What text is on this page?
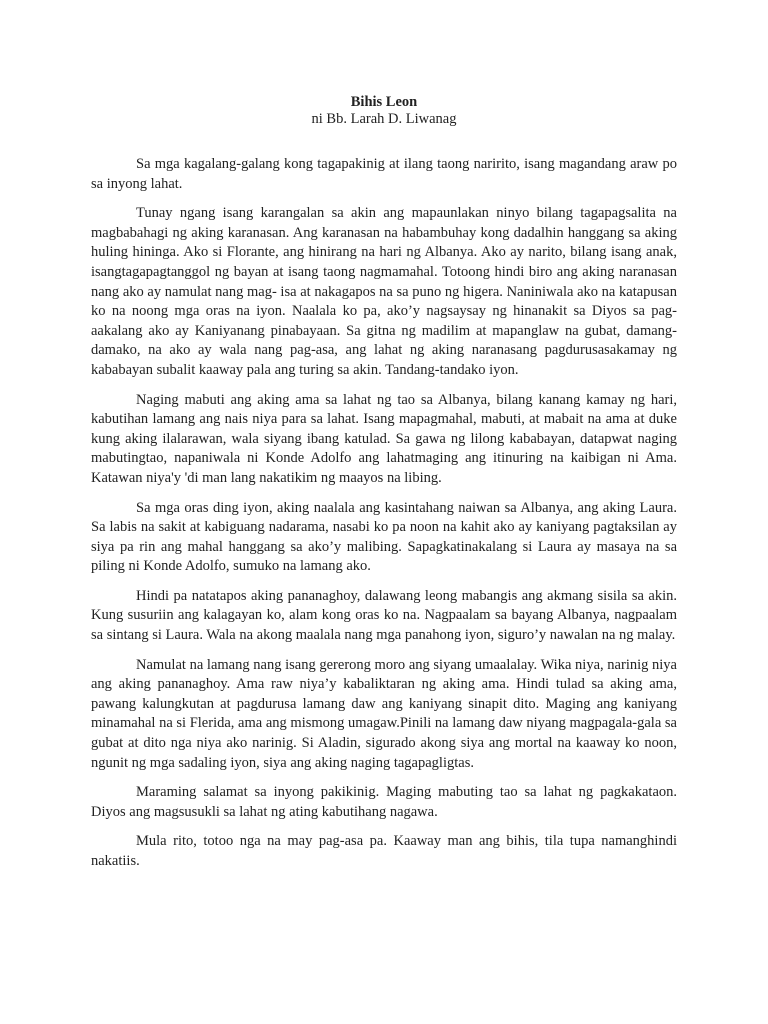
Bihis Leon

ni Bb. Larah D. Liwanag

Sa mga kagalang-galang kong tagapakinig at ilang taong naririto, isang magandang araw po sa inyong lahat.

Tunay ngang isang karangalan sa akin ang mapaunlakan ninyo bilang tagapagsalita na magbabahagi ng aking karanasan. Ang karanasan na habambuhay kong dadalhin hanggang sa aking huling hininga. Ako si Florante, ang hinirang na hari ng Albanya. Ako ay narito, bilang isang anak, isangtagapagtanggol ng bayan at isang taong nagmamahal. Totoong hindi biro ang aking naranasan nang ako ay namulat nang mag- isa at nakagapos na sa puno ng higera. Naniniwala ako na katapusan ko na noong mga oras na iyon. Naalala ko pa, ako’y nagsaysay ng hinanakit sa Diyos sa pag-aakalang ako ay Kaniyanang pinabayaan. Sa gitna ng madilim at mapanglaw na gubat, damang- damako, na ako ay wala nang pag-asa, ang lahat ng aking naranasang pagdurusasakamay ng kababayan subalit kaaway pala ang turing sa akin. Tandang-tandako iyon.

Naging mabuti ang aking ama sa lahat ng tao sa Albanya, bilang kanang kamay ng hari, kabutihan lamang ang nais niya para sa lahat. Isang mapagmahal, mabuti, at mabait na ama at duke kung aking ilalarawan, wala siyang ibang katulad. Sa gawa ng lilong kababayan, datapwat naging mabutingtao, napaniwala ni Konde Adolfo ang lahatmaging ang itinuring na kaibigan ni Ama. Katawan niya'y 'di man lang nakatikim ng maayos na libing.

Sa mga oras ding iyon, aking naalala ang kasintahang naiwan sa Albanya, ang aking Laura. Sa labis na sakit at kabiguang nadarama, nasabi ko pa noon na kahit ako ay kaniyang pagtaksilan ay siya pa rin ang mahal hanggang sa ako’y malibing. Sapagkatinakalang si Laura ay masaya na sa piling ni Konde Adolfo, sumuko na lamang ako.

Hindi pa natatapos aking pananaghoy, dalawang leong mabangis ang akmang sisila sa akin. Kung susuriin ang kalagayan ko, alam kong oras ko na. Nagpaalam sa bayang Albanya, nagpaalam sa sintang si Laura. Wala na akong maalala nang mga panahong iyon, siguro’y nawalan na ng malay.

Namulat na lamang nang isang gererong moro ang siyang umaalalay. Wika niya, narinig niya ang aking pananaghoy. Ama raw niya’y kabaliktaran ng aking ama. Hindi tulad sa aking ama, pawang kalungkutan at pagdurusa lamang daw ang kaniyang sinapit dito. Maging ang kaniyang minamahal na si Flerida, ama ang mismong umagaw.Pinili na lamang daw niyang magpagala-gala sa gubat at dito nga niya ako narinig. Si Aladin, sigurado akong siya ang mortal na kaaway ko noon, ngunit ng mga sadaling iyon, siya ang aking naging tagapagligtas.

Maraming salamat sa inyong pakikinig. Maging mabuting tao sa lahat ng pagkakataon. Diyos ang magsusukli sa lahat ng ating kabutihang nagawa.

Mula rito, totoo nga na may pag-asa pa. Kaaway man ang bihis, tila tupa namanghindi nakatiis.
